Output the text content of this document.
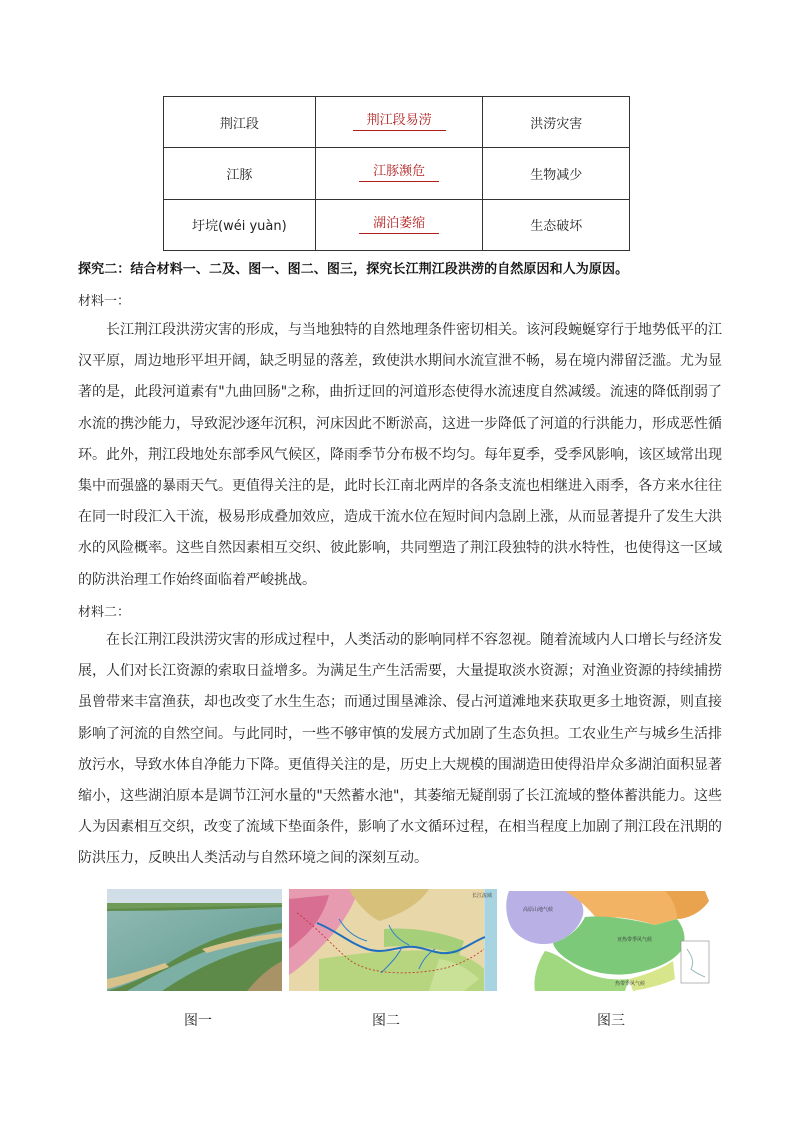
荆江段	荆江段易涝	洪涝灾害
江豚	江豚濒危	生物减少
圩垸(wéi yuàn)	湖泊萎缩	生态破坏
探究二：结合材料一、二及、图一、图二、图三，探究长江荆江段洪涝的自然原因和人为原因。
材料一：

长江荆江段洪涝灾害的形成，与当地独特的自然地理条件密切相关。该河段蜿蜒穿行于地势低平的江汉平原，周边地形平坦开阔，缺乏明显的落差，致使洪水期间水流宣泄不畅，易在境内滞留泛滥。尤为显著的是，此段河道素有"九曲回肠"之称，曲折迂回的河道形态使得水流速度自然减缓。流速的降低削弱了水流的携沙能力，导致泥沙逐年沉积，河床因此不断淤高，这进一步降低了河道的行洪能力，形成恶性循环。此外，荆江段地处东部季风气候区，降雨季节分布极不均匀。每年夏季，受季风影响，该区域常出现集中而强盛的暴雨天气。更值得关注的是，此时长江南北两岸的各条支流也相继进入雨季，各方来水往往在同一时段汇入干流，极易形成叠加效应，造成干流水位在短时间内急剧上涨，从而显著提升了发生大洪水的风险概率。这些自然因素相互交织、彼此影响，共同塑造了荆江段独特的洪水特性，也使得这一区域的防洪治理工作始终面临着严峻挑战。

材料二：

在长江荆江段洪涝灾害的形成过程中，人类活动的影响同样不容忽视。随着流域内人口增长与经济发展，人们对长江资源的索取日益增多。为满足生产生活需要，大量提取淡水资源；对渔业资源的持续捕捞虽曾带来丰富渔获，却也改变了水生生态；而通过围垦滩涂、侵占河道滩地来获取更多土地资源，则直接影响了河流的自然空间。与此同时，一些不够审慎的发展方式加剧了生态负担。工农业生产与城乡生活排放污水，导致水体自净能力下降。更值得关注的是，历史上大规模的围湖造田使得沿岸众多湖泊面积显著缩小，这些湖泊原本是调节江河水量的"天然蓄水池"，其萎缩无疑削弱了长江流域的整体蓄洪能力。这些人为因素相互交织，改变了流域下垫面条件，影响了水文循环过程，在相当程度上加剧了荆江段在汛期的防洪压力，反映出人类活动与自然环境之间的深刻互动。

长江流域
高原山地气候
亚热带季风气候
热带季风气候
图一	图二	图三
